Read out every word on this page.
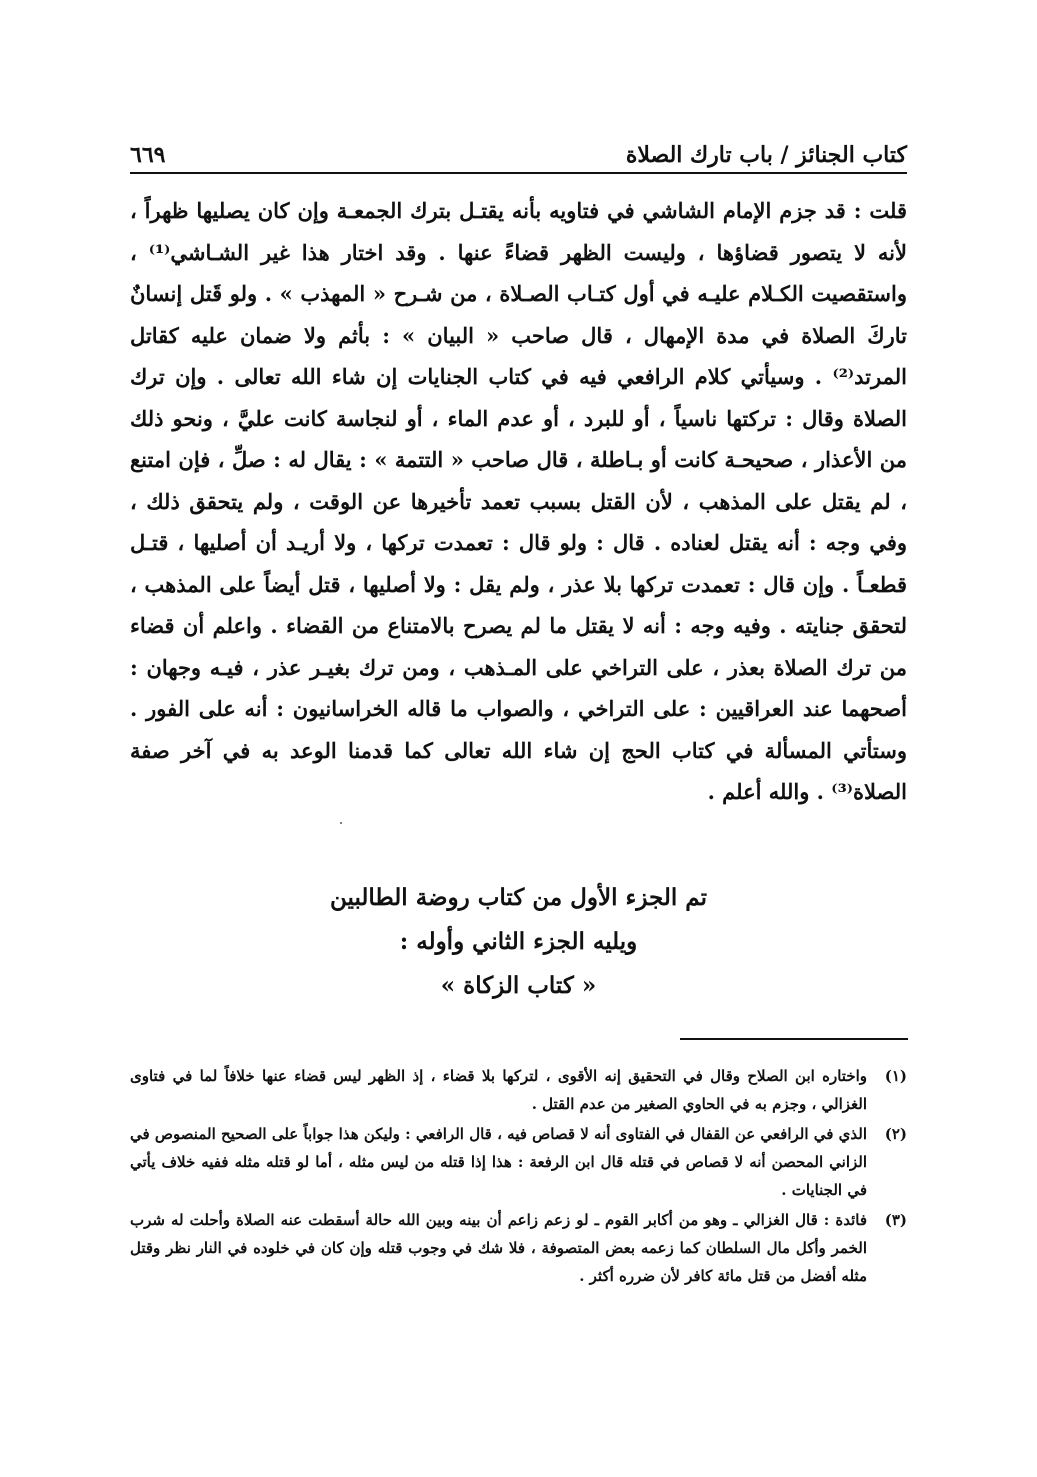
كتاب الجنائز / باب تارك الصلاة
٦٦٩

قلت : قد جزم الإمام الشاشي في فتاويه بأنه يقتـل بترك الجمعـة وإن كان يصليها ظهراً ، لأنه لا يتصور قضاؤها ، وليست الظهر قضاءً عنها . وقد اختار هذا غير الشـاشي⁽¹⁾ ، واستقصيت الكـلام عليـه في أول كتـاب الصـلاة ، من شـرح « المهذب » . ولو قَتل إنسانٌ تاركَ الصلاة في مدة الإمهال ، قال صاحب « البيان » : بأثم ولا ضمان عليه كقاتل المرتد⁽²⁾ . وسيأتي كلام الرافعي فيه في كتاب الجنايات إن شاء الله تعالى . وإن ترك الصلاة وقال : تركتها ناسياً ، أو للبرد ، أو عدم الماء ، أو لنجاسة كانت عليَّ ، ونحو ذلك من الأعذار ، صحيحـة كانت أو بـاطلة ، قال صاحب « التتمة » : يقال له : صلِّ ، فإن امتنع ، لم يقتل على المذهب ، لأن القتل بسبب تعمد تأخيرها عن الوقت ، ولم يتحقق ذلك ، وفي وجه : أنه يقتل لعناده . قال : ولو قال : تعمدت تركها ، ولا أريـد أن أصليها ، قتـل قطعـاً . وإن قال : تعمدت تركها بلا عذر ، ولم يقل : ولا أصليها ، قتل أيضاً على المذهب ، لتحقق جنايته . وفيه وجه : أنه لا يقتل ما لم يصرح بالامتناع من القضاء . واعلم أن قضاء من ترك الصلاة بعذر ، على التراخي على المـذهب ، ومن ترك بغيـر عذر ، فيـه وجهان : أصحهما عند العراقيين : على التراخي ، والصواب ما قاله الخراسانيون : أنه على الفور . وستأتي المسألة في كتاب الحج إن شاء الله تعالى كما قدمنا الوعد به في آخر صفة الصلاة⁽³⁾ . والله أعلم .

تم الجزء الأول من كتاب روضة الطالبين
ويليه الجزء الثاني وأوله :
« كتاب الزكاة »
(١)
واختاره ابن الصلاح وقال في التحقيق إنه الأقوى ، لتركها بلا قضاء ، إذ الظهر ليس قضاء عنها خلافاً لما في فتاوى الغزالي ، وجزم به في الحاوي الصغير من عدم القتل .
(٢)
الذي في الرافعي عن القفال في الفتاوى أنه لا قصاص فيه ، قال الرافعي : وليكن هذا جواباً على الصحيح المنصوص في الزاني المحصن أنه لا قصاص في قتله قال ابن الرفعة : هذا إذا قتله من ليس مثله ، أما لو قتله مثله ففيه خلاف يأتي في الجنايات .
(٣)
فائدة : قال الغزالي ـ وهو من أكابر القوم ـ لو زعم زاعم أن بينه وبين الله حالة أسقطت عنه الصلاة وأحلت له شرب الخمر وأكل مال السلطان كما زعمه بعض المتصوفة ، فلا شك في وجوب قتله وإن كان في خلوده في النار نظر وقتل مثله أفضل من قتل مائة كافر لأن ضرره أكثر .
